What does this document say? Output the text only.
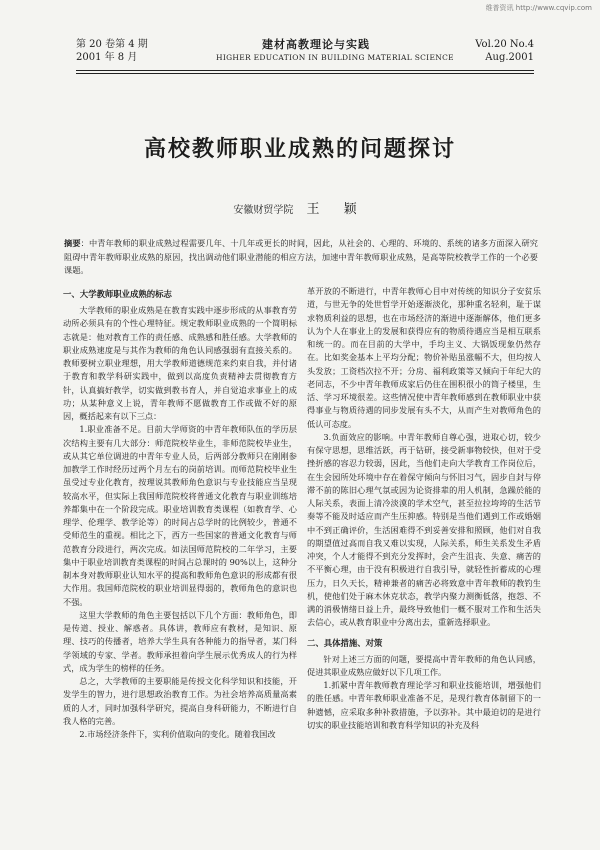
维普资讯 http://www.cqvip.com
第 20 卷第 4 期
2001 年 8 月
建材高教理论与实践
HIGHER EDUCATION IN BUILDING MATERIAL SCIENCE
Vol.20 No.4
Aug.2001
高校教师职业成熟的问题探讨
安徽财贸学院 王 颖
摘要：中青年教师的职业成熟过程需要几年、十几年或更长的时间，因此，从社会的、心理的、环境的、系统的诸多方面深入研究阻碍中青年教师职业成熟的原因，找出调动他们职业潜能的相应方法，加速中青年教师职业成熟，是高等院校教学工作的一个必要课题。
一、大学教师职业成熟的标志

大学教师的职业成熟是在教育实践中逐步形成的从事教育劳动所必须具有的个性心理特征。规定教师职业成熟的一个简明标志就是：他对教育工作的责任感、成熟感和胜任感。大学教师的职业成熟速度是与其作为教师的角色认同感强弱有直接关系的。教师要树立职业理想，用大学教师道德规范来约束自我，并付诸于教育和教学科研实践中，做到以高度负责精神去贯彻教育方针，认真搞好教学，切实做到教书育人，并自觉追求事业上的成功；从某种意义上说，青年教师不愿做教育工作或做不好的原因，概括起来有以下三点：

1.职业准备不足。目前大学师资的中青年教师队伍的学历层次结构主要有几大部分：师范院校毕业生，非师范院校毕业生，或从其它单位调进的中青年专业人员，后两部分教师只在刚刚参加教学工作时经历过两个月左右的岗前培训。而师范院校毕业生虽受过专业化教育，按理说其教师角色意识与专业技能应当呈现较高水平，但实际上我国师范院校将普通文化教育与职业训练培养都集中在一个阶段完成。职业培训教育类课程（如教育学、心理学、伦理学、教学论等）的时间占总学时的比例较少，普通不受师范生的重视。相比之下，西方一些国家的普通文化教育与师范教育分段进行，两次完成。如法国师范院校的二年学习，主要集中于职业培训教育类课程的时间占总课时的 90%以上，这种分制本身对教师职业认知水平的提高和教师角色意识的形成都有很大作用。我国师范院校的职业培训显得弱的，教师角色的意识也不强。

这里大学教师的角色主要包括以下几个方面：教师角色，即是传道、授业、解惑者。具体讲，教师应有教材，是知识、原理、技巧的传播者，培养大学生具有各种能力的指导者，某门科学领域的专家、学者。教师承担着向学生展示优秀成人的行为样式，成为学生的榜样的任务。

总之，大学教师的主要职能是传授文化科学知识和技能，开发学生的智力，进行思想政治教育工作。为社会培养高质量高素质的人才，同时加强科学研究，提高自身科研能力，不断进行自我人格的完善。

2.市场经济条件下，实利价值取向的变化。随着我国改

革开放的不断进行，中青年教师心目中对传统的知识分子安贫乐道，与世无争的处世哲学开始逐渐淡化，那种重名轻利，耻于谋求物质利益的思想，也在市场经济的渐进中逐渐解体，他们更多认为个人在事业上的发展和获得应有的物质待遇应当是相互联系和统一的。而在目前的大学中，手均主义、大锅饭现象仍然存在。比如奖金基本上平均分配；物价补贴虽涨幅不大，但均按人头发放；工资档次拉不开；分房、福利政策等又倾向于年纪大的老同志，不少中青年教师成家后仍住在围积很小的筒子楼里，生活、学习环境很差。这些情况使中青年教师感到在教师职业中获得事业与物质待遇的同步发展有头不大，从而产生对教师角色的低认可态度。

3.负面效应的影响。中青年教师自尊心强，进取心切，较少有保守思想，思维活跃，再于钻研，接受新事物较快，但对于受挫折感的容忍力较弱，因此，当他们走向大学教育工作岗位后，在生会园所处环境中存在着保守倾向与怀旧习气，固步自封与停滞不前的陈旧心理气氛或因为论资排辈的用人机制，急躁於能的人际关系，表面上清冷淡漠的学术空气，甚至拉拉垮垮的生活节奏等不能及时适应而产生压抑感。特别是当他们遇到工作或婚姻中不到正确评价，生活困难得不到妥善安排和照顾，他们对自我的期望值过高而自我又难以实现，人际关系，师生关系发生矛盾冲突，个人才能得不到充分发挥时，会产生沮丧、失意、痛苦的不平衡心理，由于没有积极进行自我引导，就轻性折蓄成的心理压力，日久天长，精神兼者的痛苦必将致意中青年教师的教钓生机，使他们处于麻木休克状态，教学内聚力测衡低落，抱怨、不满的消极情绪日益上升，最终导致他们一概不服对工作和生活失去信心，或从教育职业中分离出去，重新选择职业。

二、具体措施、对策

针对上述三方面的问题，要提高中青年教师的角色认同感，促进其职业成熟应做好以下几项工作。

1.抓紧中青年教师教育理论学习和职业技能培训，增强他们的胜任感。中青年教师职业准备不足，是现行教育体制留下的一种遗憾，应采取多种补救措施，予以弥补。其中最迫切的是进行切实的职业技能培训和教育科学知识的补充及科
